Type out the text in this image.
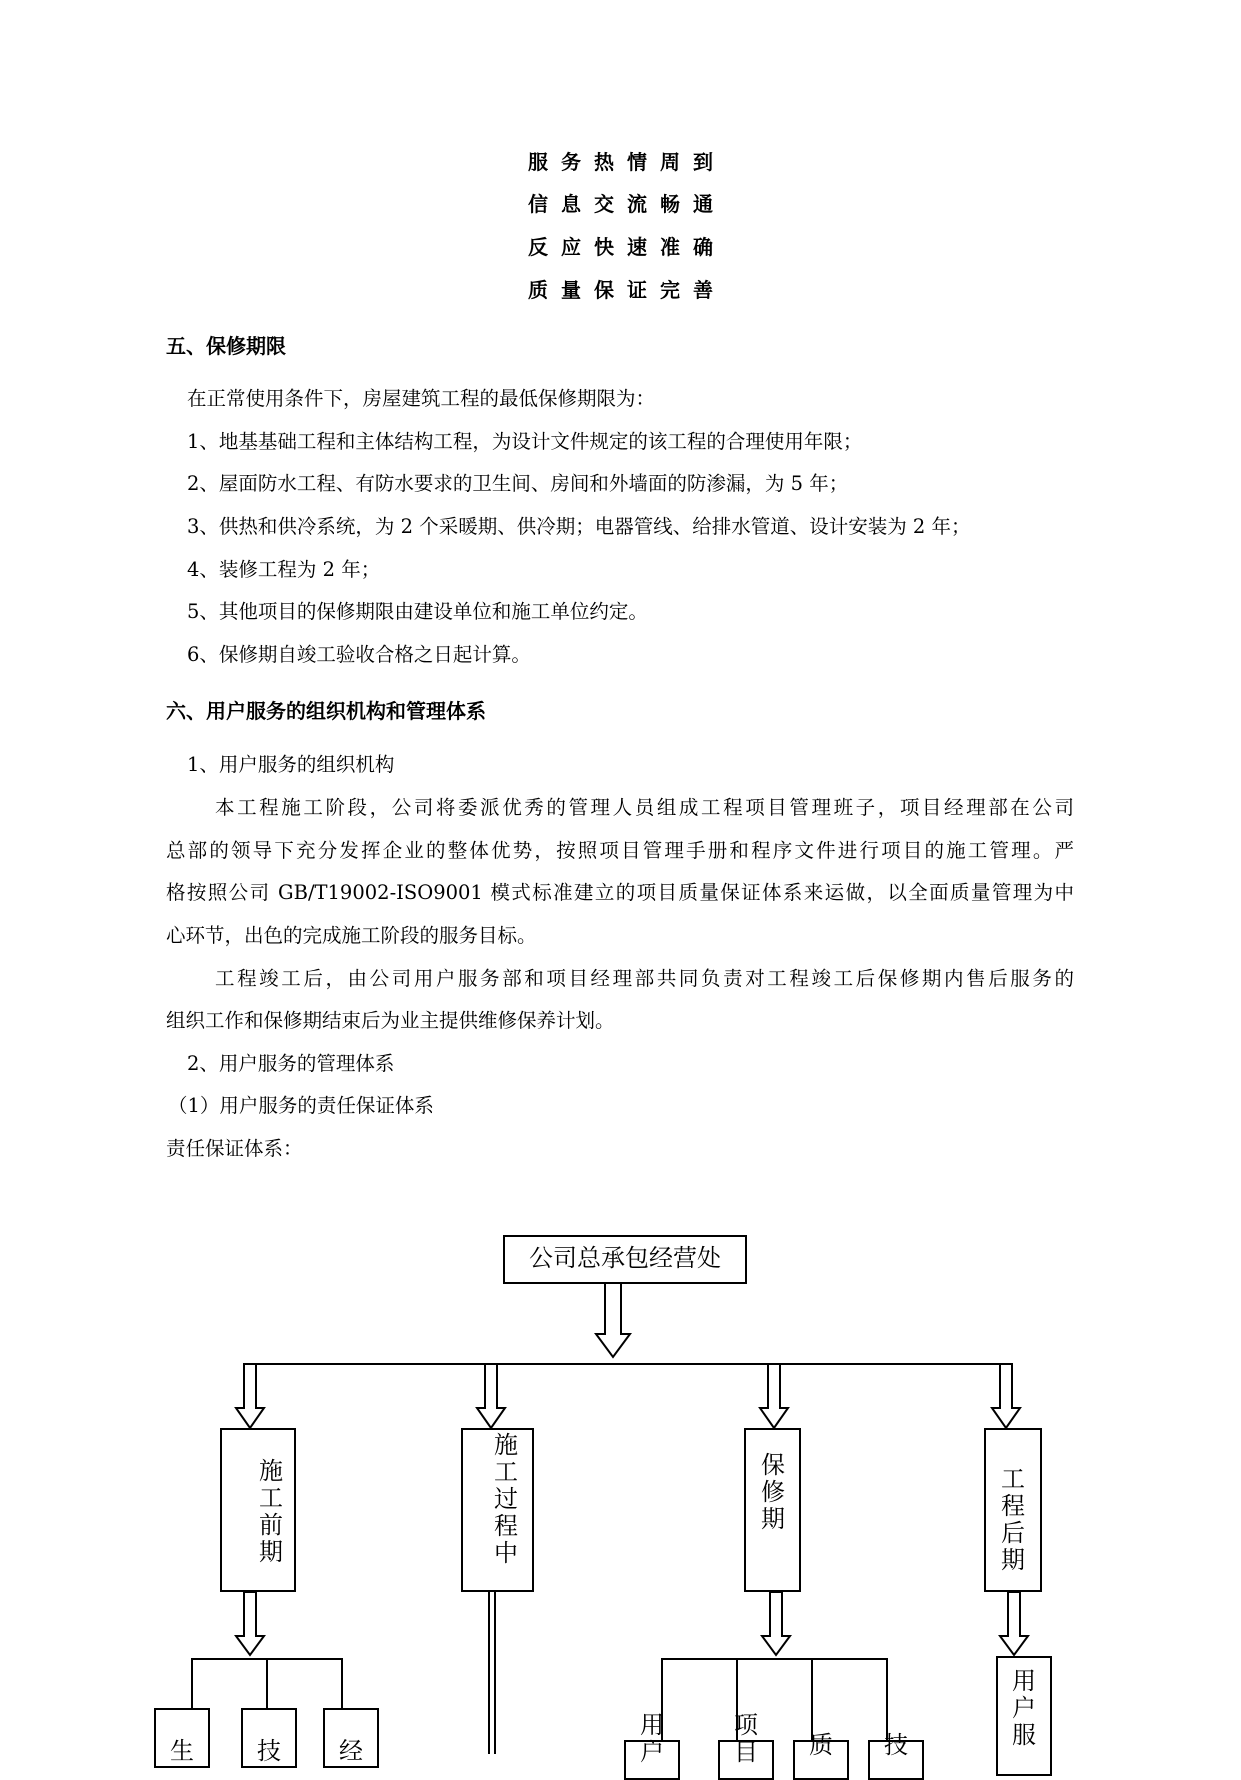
服务热情周到
信息交流畅通
反应快速准确
质量保证完善
五、保修期限
在正常使用条件下，房屋建筑工程的最低保修期限为：
1、地基基础工程和主体结构工程，为设计文件规定的该工程的合理使用年限；
2、屋面防水工程、有防水要求的卫生间、房间和外墙面的防渗漏，为 5 年；
3、供热和供冷系统，为 2 个采暖期、供冷期；电器管线、给排水管道、设计安装为 2 年；
4、装修工程为 2 年；
5、其他项目的保修期限由建设单位和施工单位约定。
6、保修期自竣工验收合格之日起计算。
六、用户服务的组织机构和管理体系
1、用户服务的组织机构
本工程施工阶段，公司将委派优秀的管理人员组成工程项目管理班子，项目经理部在公司
总部的领导下充分发挥企业的整体优势，按照项目管理手册和程序文件进行项目的施工管理。严
格按照公司 GB/T19002-ISO9001 模式标准建立的项目质量保证体系来运做，以全面质量管理为中
心环节，出色的完成施工阶段的服务目标。
工程竣工后，由公司用户服务部和项目经理部共同负责对工程竣工后保修期内售后服务的
组织工作和保修期结束后为业主提供维修保养计划。
2、用户服务的管理体系
（1）用户服务的责任保证体系
责任保证体系：
公司总承包经营处
施工前期
施工过程中
保修期
工程后期
生	技 经
用户
项目 质 技
用户服
